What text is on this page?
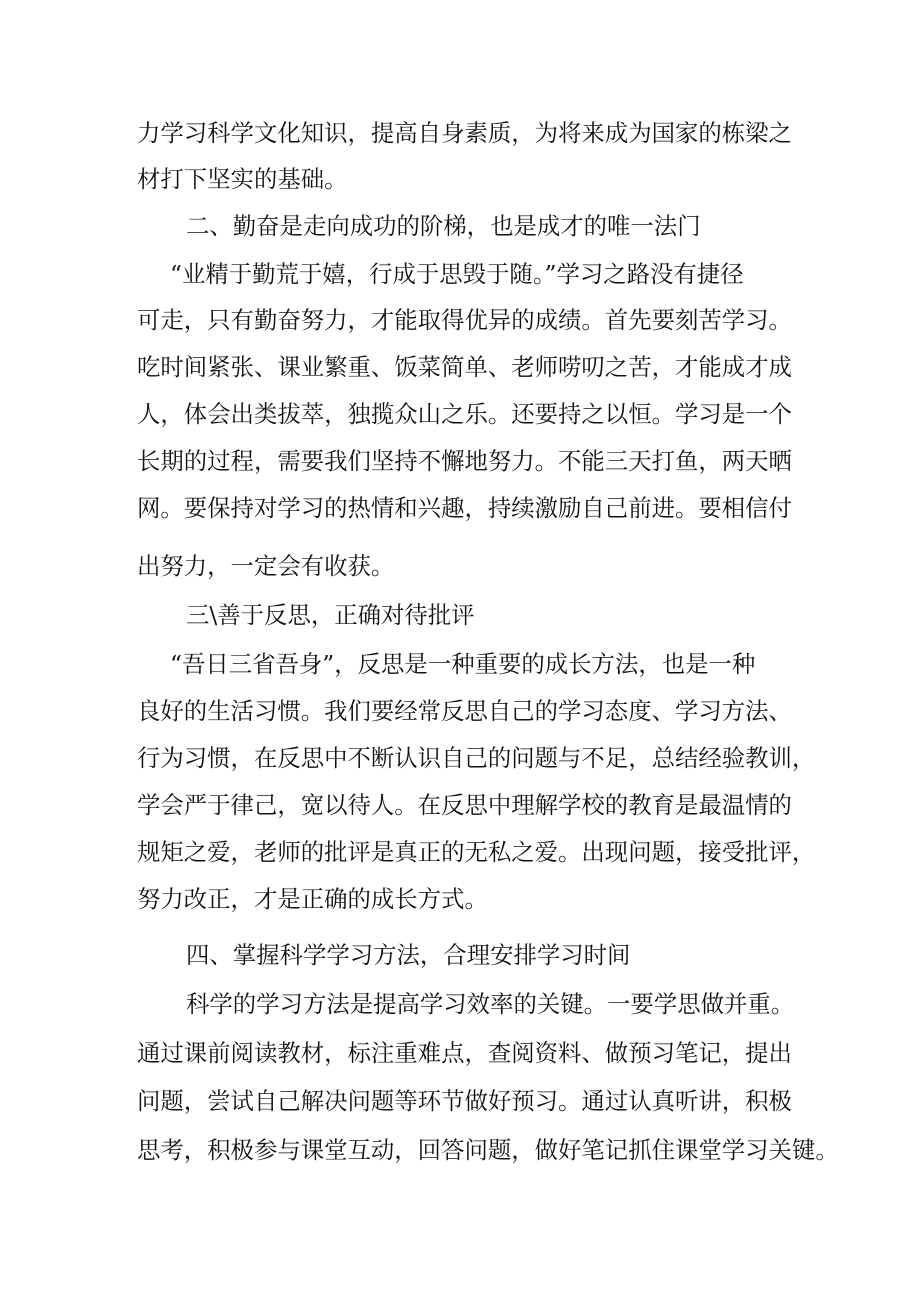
力学习科学文化知识，提高自身素质，为将来成为国家的栋梁之
材打下坚实的基础。
二、勤奋是走向成功的阶梯，也是成才的唯一法门
“业精于勤荒于嬉，行成于思毁于随。”学习之路没有捷径
可走，只有勤奋努力，才能取得优异的成绩。首先要刻苦学习。
吃时间紧张、课业繁重、饭菜简单、老师唠叨之苦，才能成才成
人，体会出类拔萃，独揽众山之乐。还要持之以恒。学习是一个
长期的过程，需要我们坚持不懈地努力。不能三天打鱼，两天晒
网。要保持对学习的热情和兴趣，持续激励自己前进。要相信付
出努力，一定会有收获。
三\善于反思，正确对待批评
“吾日三省吾身”，反思是一种重要的成长方法，也是一种
良好的生活习惯。我们要经常反思自己的学习态度、学习方法、
行为习惯，在反思中不断认识自己的问题与不足，总结经验教训，
学会严于律己，宽以待人。在反思中理解学校的教育是最温情的
规矩之爱，老师的批评是真正的无私之爱。出现问题，接受批评，
努力改正，才是正确的成长方式。
四、掌握科学学习方法，合理安排学习时间
科学的学习方法是提高学习效率的关键。一要学思做并重。
通过课前阅读教材，标注重难点，查阅资料、做预习笔记，提出
问题，尝试自己解决问题等环节做好预习。通过认真听讲，积极
思考，积极参与课堂互动，回答问题，做好笔记抓住课堂学习关键。
